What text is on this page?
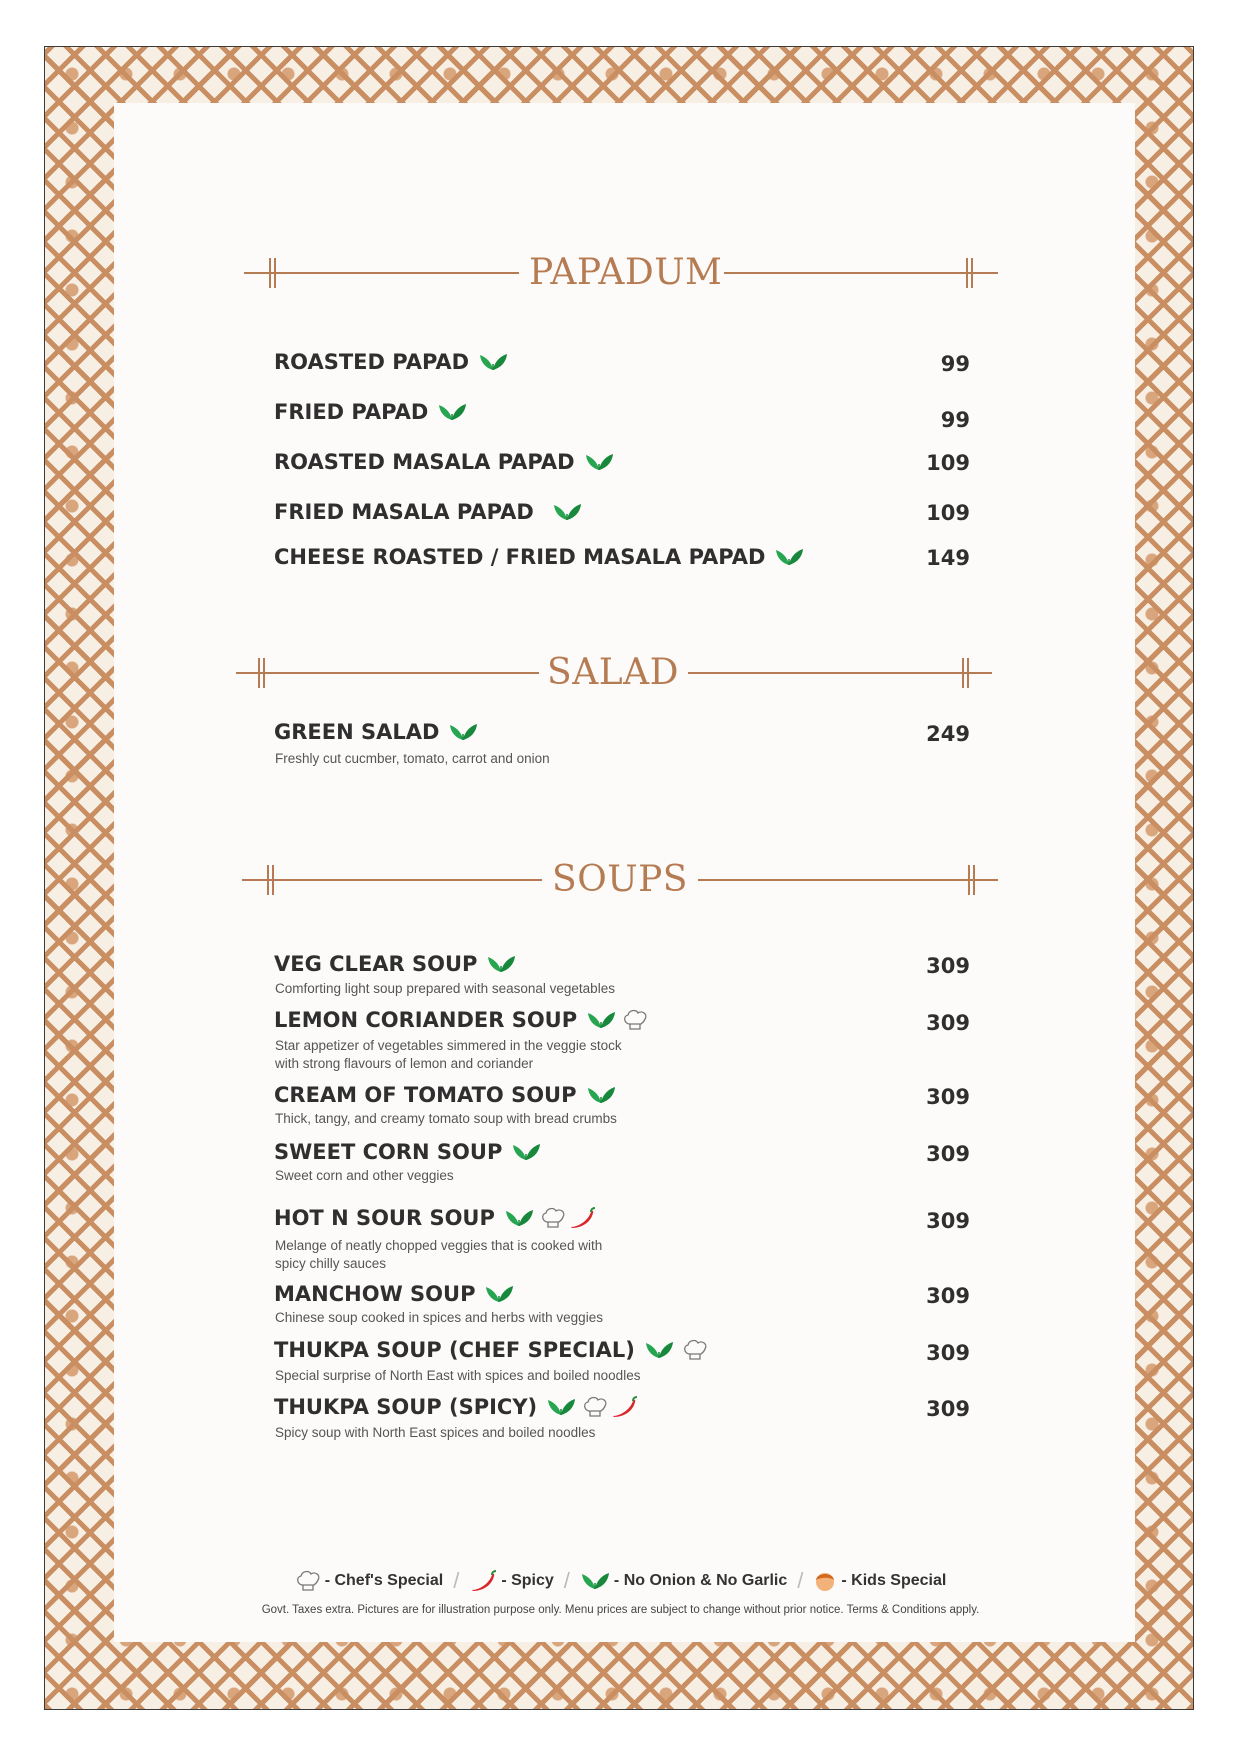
PAPADUM
ROASTED PAPAD	99
FRIED PAPAD	99
ROASTED MASALA PAPAD	109
FRIED MASALA PAPAD	109
CHEESE ROASTED / FRIED MASALA PAPAD	149
SALAD
GREEN SALAD	249
Freshly cut cucmber, tomato, carrot and onion
SOUPS
VEG CLEAR SOUP	309
Comforting light soup prepared with seasonal vegetables
LEMON CORIANDER SOUP	309
Star appetizer of vegetables simmered in the veggie stock
with strong flavours of lemon and coriander
CREAM OF TOMATO SOUP	309
Thick, tangy, and creamy tomato soup with bread crumbs
SWEET CORN SOUP	309
Sweet corn and other veggies
HOT N SOUR SOUP	309
Melange of neatly chopped veggies that is cooked with
spicy chilly sauces
MANCHOW SOUP	309
Chinese soup cooked in spices and herbs with veggies
THUKPA SOUP (CHEF SPECIAL)	309
Special surprise of North East with spices and boiled noodles
THUKPA SOUP (SPICY)	309
Spicy soup with North East spices and boiled noodles
- Chef's Special /	- Spicy /	- No Onion & No Garlic / - Kids Special
Govt. Taxes extra. Pictures are for illustration purpose only. Menu prices are subject to change without prior notice. Terms & Conditions apply.
